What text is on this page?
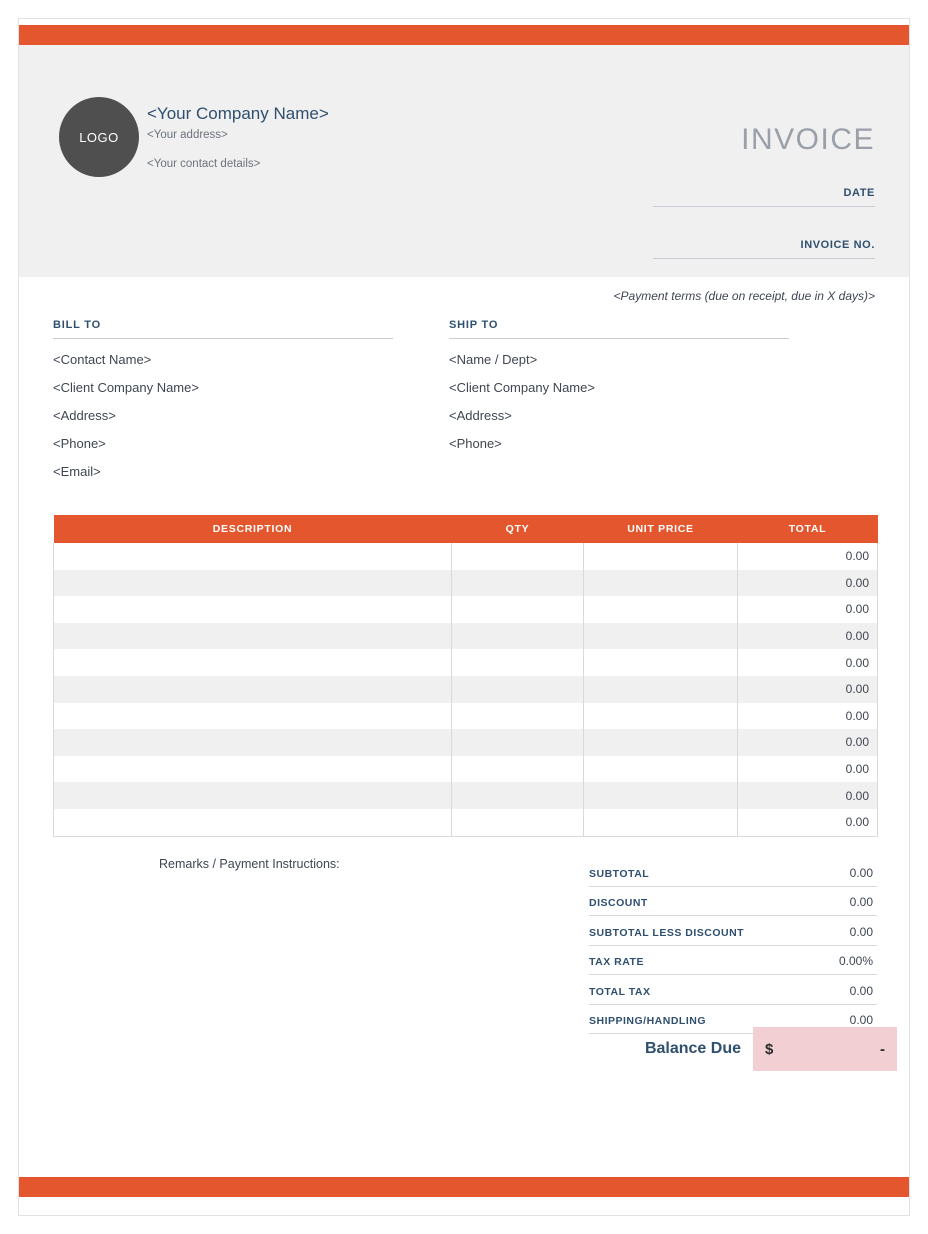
LOGO
<Your Company Name>
<Your address>
<Your contact details>
INVOICE
DATE
INVOICE NO.
<Payment terms (due on receipt, due in X days)>
BILL TO
<Contact Name>
<Client Company Name>
<Address>
<Phone>
<Email>
SHIP TO
<Name / Dept>
<Client Company Name>
<Address>
<Phone>
DESCRIPTION	QTY	UNIT PRICE	TOTAL
			0.00
			0.00
			0.00
			0.00
			0.00
			0.00
			0.00
			0.00
			0.00
			0.00
			0.00
Remarks / Payment Instructions:
SUBTOTAL	0.00
DISCOUNT	0.00
SUBTOTAL LESS DISCOUNT	0.00
TAX RATE	0.00%
TOTAL TAX	0.00
SHIPPING/HANDLING	0.00
Balance Due	$	-
